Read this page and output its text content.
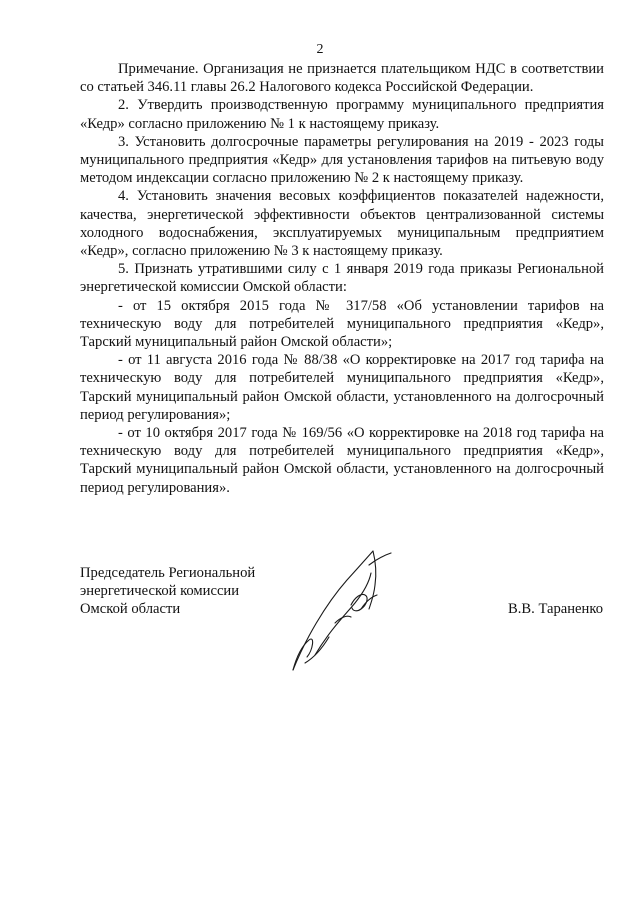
2

Примечание. Организация не признается плательщиком НДС в соответствии со статьей 346.11 главы 26.2 Налогового кодекса Российской Федерации.

2. Утвердить производственную программу муниципального предприятия «Кедр» согласно приложению № 1 к настоящему приказу.

3. Установить долгосрочные параметры регулирования на 2019 - 2023 годы муниципального предприятия «Кедр» для установления тарифов на питьевую воду методом индексации согласно приложению № 2 к настоящему приказу.

4. Установить значения весовых коэффициентов показателей надежности, качества, энергетической эффективности объектов централизованной системы холодного водоснабжения, эксплуатируемых муниципальным предприятием «Кедр», согласно приложению № 3 к настоящему приказу.

5. Признать утратившими силу с 1 января 2019 года приказы Региональной энергетической комиссии Омской области:

- от 15 октября 2015 года № 317/58 «Об установлении тарифов на техническую воду для потребителей муниципального предприятия «Кедр», Тарский муниципальный район Омской области»;

- от 11 августа 2016 года № 88/38 «О корректировке на 2017 год тарифа на техническую воду для потребителей муниципального предприятия «Кедр», Тарский муниципальный район Омской области, установленного на долгосрочный период регулирования»;

- от 10 октября 2017 года № 169/56 «О корректировке на 2018 год тарифа на техническую воду для потребителей муниципального предприятия «Кедр», Тарский муниципальный район Омской области, установленного на долгосрочный период регулирования».

Председатель Региональной
энергетической комиссии
Омской области	В.В. Тараненко
